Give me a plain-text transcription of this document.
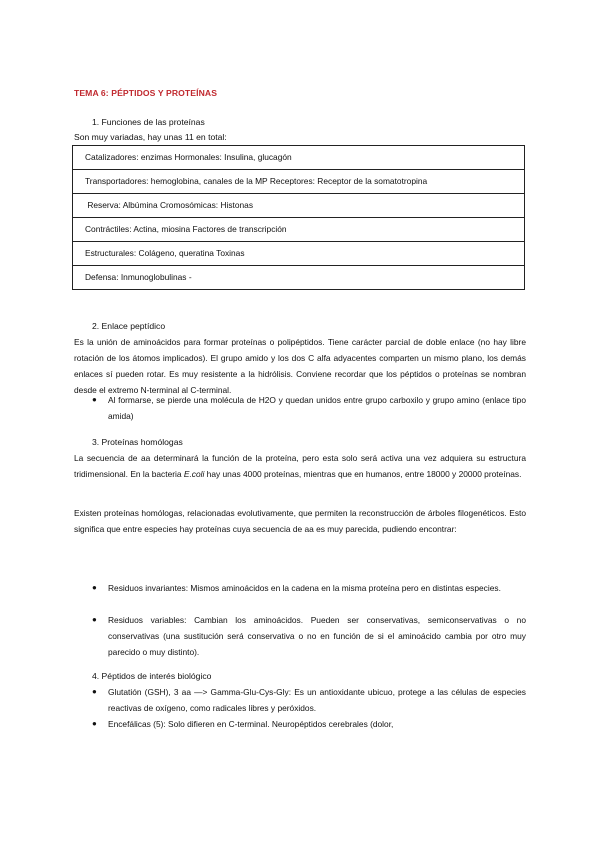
TEMA 6: PÉPTIDOS Y PROTEÍNAS
1. Funciones de las proteínas
Son muy variadas, hay unas 11 en total:
Catalizadores: enzimas Hormonales: Insulina, glucagón
Transportadores: hemoglobina, canales de la MP Receptores: Receptor de la somatotropina
Reserva: Albúmina Cromosómicas: Histonas
Contráctiles: Actina, miosina Factores de transcripción
Estructurales: Colágeno, queratina Toxinas
Defensa: Inmunoglobulinas -
2. Enlace peptídico
Es la unión de aminoácidos para formar proteínas o polipéptidos. Tiene carácter parcial de doble enlace (no hay libre rotación de los átomos implicados). El grupo amido y los dos C alfa adyacentes comparten un mismo plano, los demás enlaces sí pueden rotar. Es muy resistente a la hidrólisis. Conviene recordar que los péptidos o proteínas se nombran desde el extremo N-terminal al C-terminal.
● Al formarse, se pierde una molécula de H2O y quedan unidos entre grupo carboxilo y grupo amino (enlace tipo amida)
3. Proteínas homólogas
La secuencia de aa determinará la función de la proteína, pero esta solo será activa una vez adquiera su estructura tridimensional. En la bacteria E.coli hay unas 4000 proteínas, mientras que en humanos, entre 18000 y 20000 proteínas.
Existen proteínas homólogas, relacionadas evolutivamente, que permiten la reconstrucción de árboles filogenéticos. Esto significa que entre especies hay proteínas cuya secuencia de aa es muy parecida, pudiendo encontrar:
● Residuos invariantes: Mismos aminoácidos en la cadena en la misma proteína pero en distintas especies.
● Residuos variables: Cambian los aminoácidos. Pueden ser conservativas, semiconservativas o no conservativas (una sustitución será conservativa o no en función de si el aminoácido cambia por otro muy parecido o muy distinto).
4. Péptidos de interés biológico
● Glutatión (GSH), 3 aa —> Gamma-Glu-Cys-Gly: Es un antioxidante ubicuo, protege a las células de especies reactivas de oxígeno, como radicales libres y peróxidos.
● Encefálicas (5): Solo difieren en C-terminal. Neuropéptidos cerebrales (dolor,
